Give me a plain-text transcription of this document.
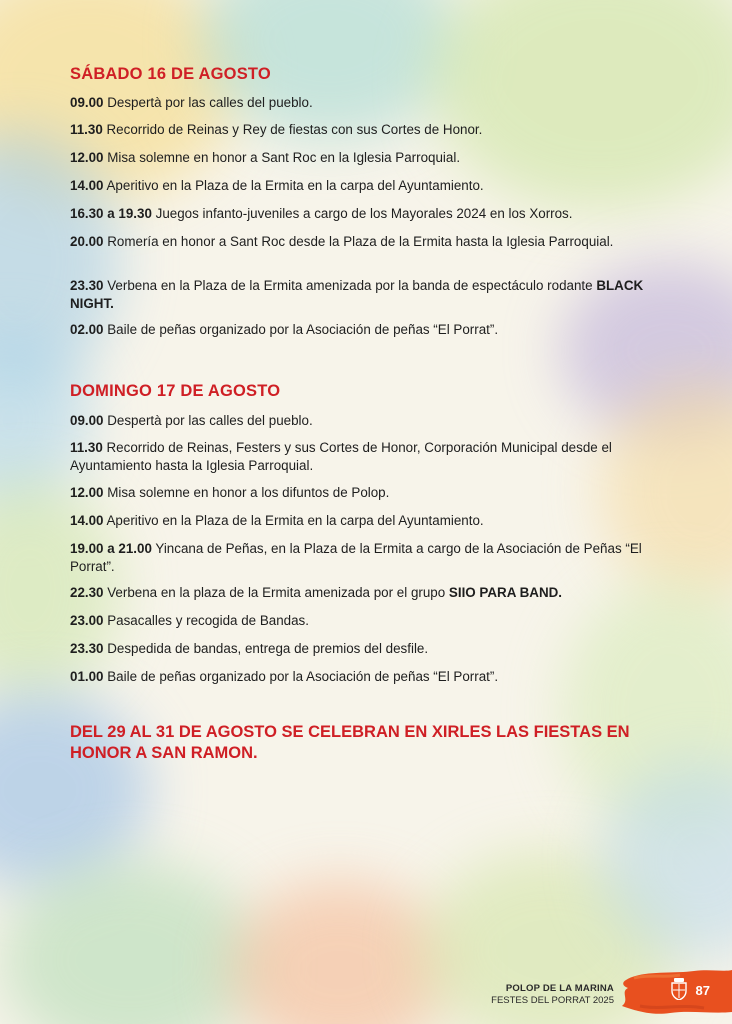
SÁBADO 16 DE AGOSTO
09.00 Despertà por las calles del pueblo.
11.30 Recorrido de Reinas y Rey de fiestas con sus Cortes de Honor.
12.00 Misa solemne en honor a Sant Roc en la Iglesia Parroquial.
14.00 Aperitivo en la Plaza de la Ermita en la carpa del Ayuntamiento.
16.30 a 19.30 Juegos infanto-juveniles a cargo de los Mayorales 2024 en los Xorros.
20.00 Romería en honor a Sant Roc desde la Plaza de la Ermita hasta la Iglesia Parroquial.
23.30 Verbena en la Plaza de la Ermita amenizada por la banda de espectáculo rodante BLACK NIGHT.
02.00 Baile de peñas organizado por la Asociación de peñas “El Porrat”.
DOMINGO 17 DE AGOSTO
09.00 Despertà por las calles del pueblo.
11.30 Recorrido de Reinas, Festers y sus Cortes de Honor, Corporación Municipal desde el Ayuntamiento hasta la Iglesia Parroquial.
12.00 Misa solemne en honor a los difuntos de Polop.
14.00 Aperitivo en la Plaza de la Ermita en la carpa del Ayuntamiento.
19.00 a 21.00 Yincana de Peñas, en la Plaza de la Ermita a cargo de la Asociación de Peñas “El Porrat”.
22.30 Verbena en la plaza de la Ermita amenizada por el grupo SIIO PARA BAND.
23.00 Pasacalles y recogida de Bandas.
23.30 Despedida de bandas, entrega de premios del desfile.
01.00 Baile de peñas organizado por la Asociación de peñas “El Porrat”.
DEL 29 AL 31 DE AGOSTO SE CELEBRAN EN XIRLES LAS FIESTAS EN HONOR A SAN RAMON.
POLOP DE LA MARINA
FESTES DEL PORRAT 2025
87
